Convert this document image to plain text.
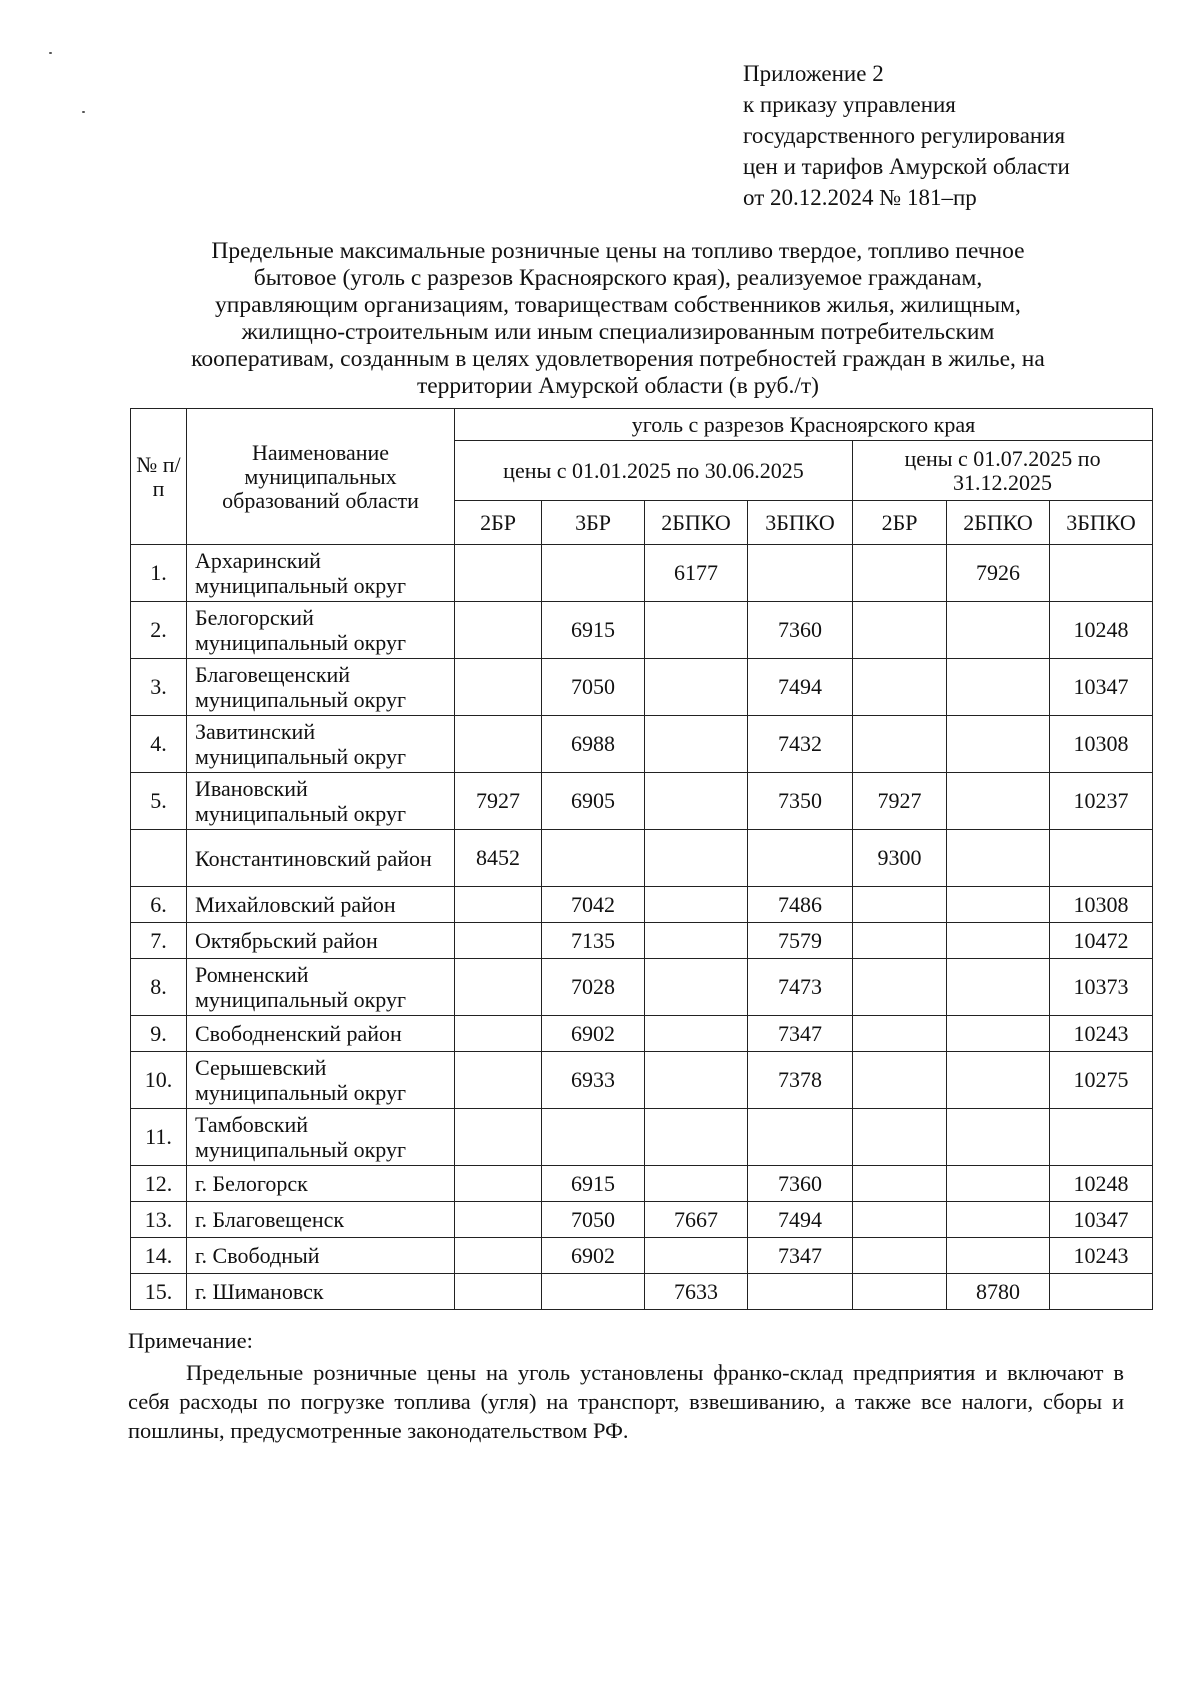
Приложение 2
к приказу управления
государственного регулирования
цен и тарифов Амурской области
от 20.12.2024 № 181–пр
Предельные максимальные розничные цены на топливо твердое, топливо печное
бытовое (уголь с разрезов Красноярского края), реализуемое гражданам,
управляющим организациям, товариществам собственников жилья, жилищным,
жилищно-строительным или иным специализированным потребительским
кооперативам, созданным в целях удовлетворения потребностей граждан в жилье, на
территории Амурской области (в руб./т)
№ п/п	Наименование муниципальных образований области	уголь с разрезов Красноярского края						
		цены с 01.01.2025 по 30.06.2025				цены с 01.07.2025 по 31.12.2025		
		2БР	3БР	2БПКО	3БПКО	2БР	2БПКО	3БПКО
1.	Архаринский муниципальный округ			6177			7926	
2.	Белогорский муниципальный округ		6915		7360			10248
3.	Благовещенский муниципальный округ		7050		7494			10347
4.	Завитинский муниципальный округ		6988		7432			10308
5.	Ивановский муниципальный округ	7927	6905		7350	7927		10237
	Константиновский район	8452				9300		
6.	Михайловский район		7042		7486			10308
7.	Октябрьский район		7135		7579			10472
8.	Ромненский муниципальный округ		7028		7473			10373
9.	Свободненский район		6902		7347			10243
10.	Серышевский муниципальный округ		6933		7378			10275
11.	Тамбовский муниципальный округ							
12.	г. Белогорск		6915		7360			10248
13.	г. Благовещенск		7050	7667	7494			10347
14.	г. Свободный		6902		7347			10243
15.	г. Шимановск			7633			8780	
Примечание:
Предельные розничные цены на уголь установлены франко-склад предприятия и включают в себя расходы по погрузке топлива (угля) на транспорт, взвешиванию, а также все налоги, сборы и пошлины, предусмотренные законодательством РФ.
